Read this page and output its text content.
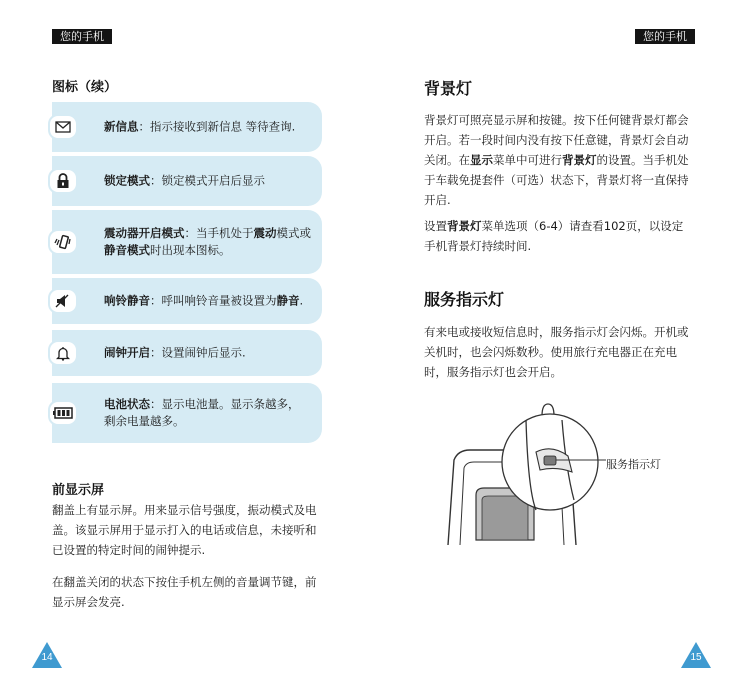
您的手机
图标（续）
新信息：指示接收到新信息 等待查询.
锁定模式：锁定模式开启后显示
震动器开启模式：当手机处于震动模式或
静音模式时出现本图标。
响铃静音：呼叫响铃音量被设置为静音.
闹钟开启：设置闹钟后显示.
电池状态：显示电池量。显示条越多，
剩余电量越多。
前显示屏
翻盖上有显示屏。用来显示信号强度，振动模式及电盖。该显示屏用于显示打入的电话或信息，未接听和已设置的特定时间的闹钟提示.
在翻盖关闭的状态下按住手机左侧的音量调节键，前显示屏会发亮.
14
您的手机
背景灯
背景灯可照亮显示屏和按键。按下任何键背景灯都会开启。若一段时间内没有按下任意键，背景灯会自动关闭。在显示菜单中可进行背景灯的设置。当手机处于车载免提套件（可选）状态下，背景灯将一直保持开启.
设置背景灯菜单选项（6-4）请查看102页，以设定手机背景灯持续时间.
服务指示灯
有来电或接收短信息时，服务指示灯会闪烁。开机或关机时，也会闪烁数秒。使用旅行充电器正在充电时，服务指示灯也会开启。
服务指示灯
15
